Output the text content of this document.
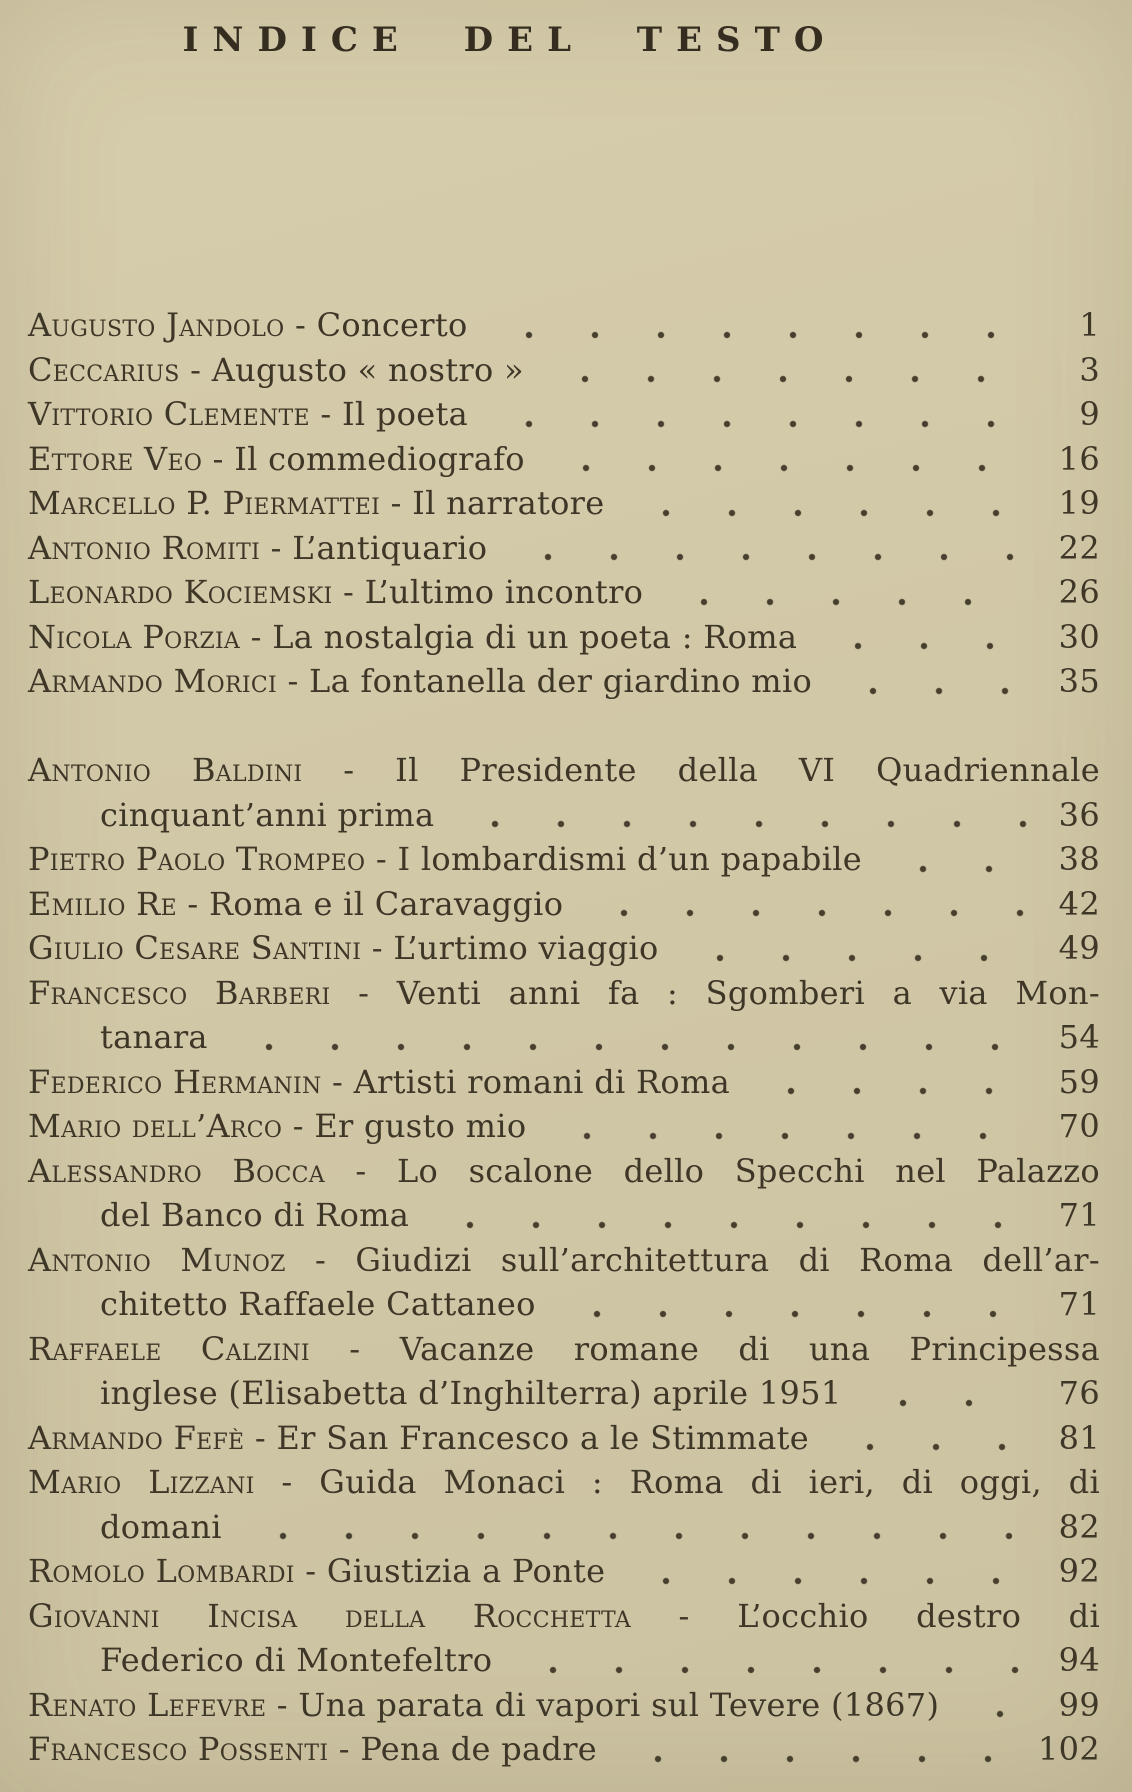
INDICE DEL TESTO
Augusto Jandolo - Concerto	1
Ceccarius - Augusto « nostro »	3
Vittorio Clemente - Il poeta	9
Ettore Veo - Il commediografo	16
Marcello P. Piermattei - Il narratore	19
Antonio Romiti - L’antiquario	22
Leonardo Kociemski - L’ultimo incontro	26
Nicola Porzia - La nostalgia di un poeta : Roma	30
Armando Morici - La fontanella der giardino mio	35
Antonio Baldini - Il Presidente della VI Quadriennale
cinquant’anni prima	36
Pietro Paolo Trompeo - I lombardismi d’un papabile	38
Emilio Re - Roma e il Caravaggio	42
Giulio Cesare Santini - L’urtimo viaggio	49
Francesco Barberi - Venti anni fa : Sgomberi a via Mon-
tanara	54
Federico Hermanin - Artisti romani di Roma	59
Mario dell’Arco - Er gusto mio	70
Alessandro Bocca - Lo scalone dello Specchi nel Palazzo
del Banco di Roma	71
Antonio Munoz - Giudizi sull’architettura di Roma dell’ar-
chitetto Raffaele Cattaneo	71
Raffaele Calzini - Vacanze romane di una Principessa
inglese (Elisabetta d’Inghilterra) aprile 1951	76
Armando Fefè - Er San Francesco a le Stimmate	81
Mario Lizzani - Guida Monaci : Roma di ieri, di oggi, di
domani	82
Romolo Lombardi - Giustizia a Ponte	92
Giovanni Incisa della Rocchetta - L’occhio destro di
Federico di Montefeltro	94
Renato Lefevre - Una parata di vapori sul Tevere (1867)	99
Francesco Possenti - Pena de padre	102
